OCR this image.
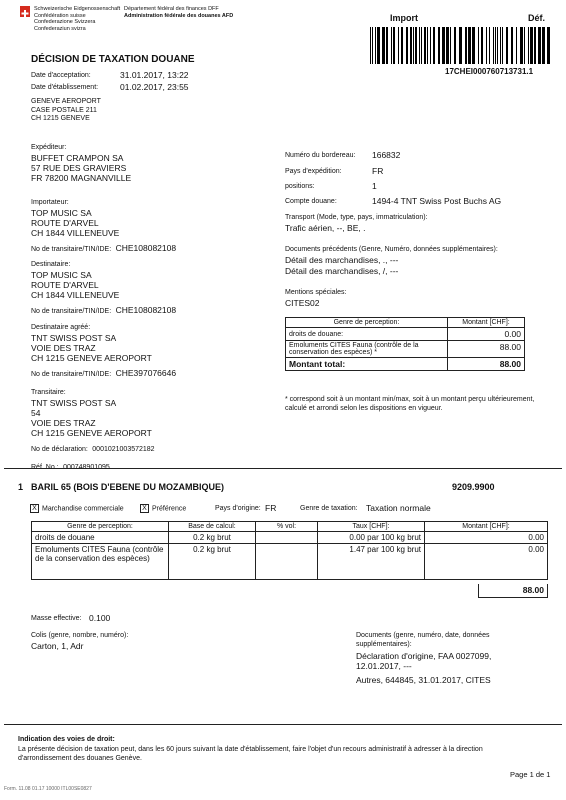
Schweizerische Eidgenossenschaft
Confédération suisse
Confederazione Svizzera
Confederaziun svizra
Département fédéral des finances DFF
Administration fédérale des douanes AFD	Import	Déf.
17CHEI000760713731.1
DÉCISION DE TAXATION DOUANE
Date d'acceptation:	31.01.2017, 13:22
Date d'établissement:	01.02.2017, 23:55
GENEVE AEROPORT
CASE POSTALE 211
CH 1215 GENEVE
Expéditeur:
BUFFET CRAMPON SA
57 RUE DES GRAVIERS
FR 78200 MAGNANVILLE
Importateur:
TOP MUSIC SA
ROUTE D'ARVEL
CH 1844 VILLENEUVE
No de transitaire/TIN/IDE: CHE108082108
Destinataire:
TOP MUSIC SA
ROUTE D'ARVEL
CH 1844 VILLENEUVE
No de transitaire/TIN/IDE: CHE108082108
Destinataire agréé:
TNT SWISS POST SA
VOIE DES TRAZ
CH 1215 GENEVE AEROPORT
No de transitaire/TIN/IDE: CHE397076646
Transitaire:
TNT SWISS POST SA
54
VOIE DES TRAZ
CH 1215 GENEVE AEROPORT
No de déclaration: 0001021003572182
Réf. No.: 000748901095
Numéro du bordereau: 166832
Pays d'expédition:	FR
positions:	1
Compte douane:	1494-4 TNT Swiss Post Buchs AG
Transport (Mode, type, pays, immatriculation):
Trafic aérien, --, BE, .
Documents précédents (Genre, Numéro, données supplémentaires):
Détail des marchandises, ., ---
Détail des marchandises, /, ---
Mentions spéciales:
CITES02
Genre de perception:	Montant [CHF]:
droits de douane:	0.00
Emoluments CITES Fauna (contrôle de la conservation des espèces) *	88.00
Montant total:	88.00
* correspond soit à un montant min/max, soit à un montant perçu ultérieurement, calculé et arrondi selon les dispositions en vigueur.
1 BARIL 65 (BOIS D'EBENE DU MOZAMBIQUE)	9209.9900
X Marchandise commerciale	X Préférence	Pays d'origine: FR	Genre de taxation: Taxation normale
Genre de perception:	Base de calcul:	% vol:	Taux [CHF]:	Montant [CHF]:
droits de douane	0.2 kg brut		0.00 par 100 kg brut	0.00
Emoluments CITES Fauna (contrôle de la conservation des espèces)	0.2 kg brut		1.47 par 100 kg brut	0.00
88.00
Masse effective: 0.100
Colis (genre, nombre, numéro):
Carton, 1, Adr
Documents (genre, numéro, date, données supplémentaires):
Déclaration d'origine, FAA 0027099, 12.01.2017, ---
Autres, 644845, 31.01.2017, CITES
Indication des voies de droit:
La présente décision de taxation peut, dans les 60 jours suivant la date d'établissement, faire l'objet d'un recours administratif à adresser à la direction d'arrondissement des douanes Genève.
Form. 11.08 01.17 10000 ITL00SE0827
Page 1 de 1
